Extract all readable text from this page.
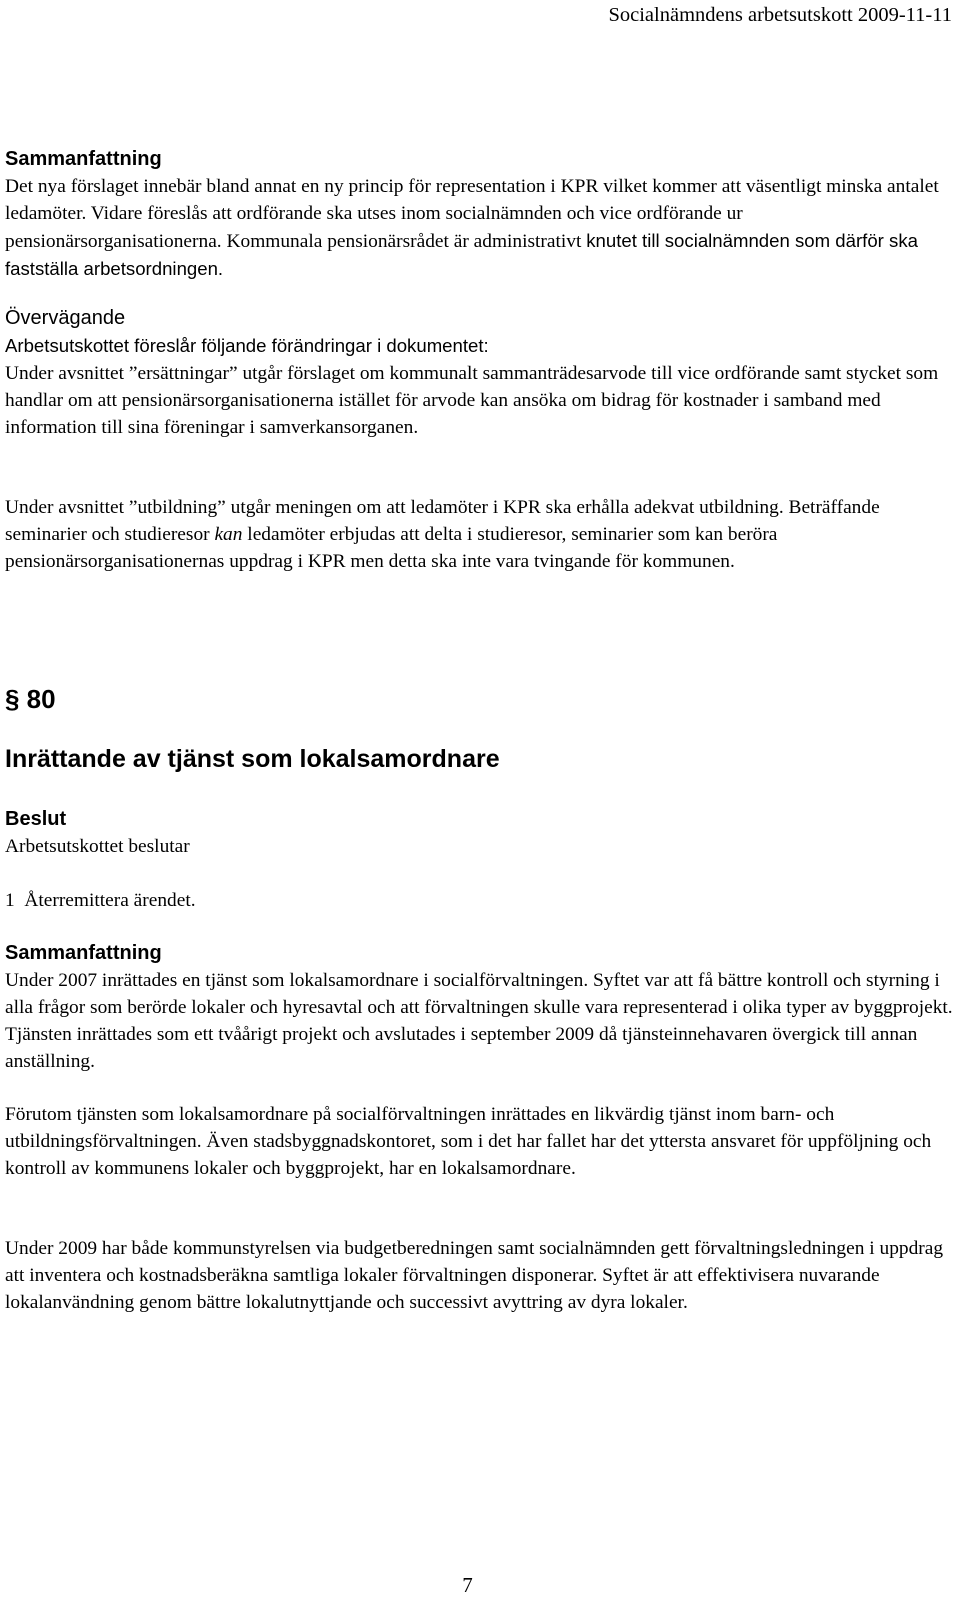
Socialnämndens arbetsutskott 2009-11-11

Sammanfattning

Det nya förslaget innebär bland annat en ny princip för representation i KPR vilket kommer att väsentligt minska antalet ledamöter. Vidare föreslås att ordförande ska utses inom socialnämnden och vice ordförande ur pensionärsorganisationerna. Kommunala pensionärsrådet är administrativt knutet till socialnämnden som därför ska fastställa arbetsordningen.

Övervägande

Arbetsutskottet föreslår följande förändringar i dokumentet:

Under avsnittet ”ersättningar” utgår förslaget om kommunalt sammanträdesarvode till vice ordförande samt stycket som handlar om att pensionärsorganisationerna istället för arvode kan ansöka om bidrag för kostnader i samband med information till sina föreningar i samverkansorganen.

Under avsnittet ”utbildning” utgår meningen om att ledamöter i KPR ska erhålla adekvat utbildning. Beträffande seminarier och studieresor kan ledamöter erbjudas att delta i studieresor, seminarier som kan beröra pensionärsorganisationernas uppdrag i KPR men detta ska inte vara tvingande för kommunen.

§ 80

Inrättande av tjänst som lokalsamordnare

Beslut

Arbetsutskottet beslutar

1  Återremittera ärendet.

Sammanfattning

Under 2007 inrättades en tjänst som lokalsamordnare i socialförvaltningen. Syftet var att få bättre kontroll och styrning i alla frågor som berörde lokaler och hyresavtal och att förvaltningen skulle vara representerad i olika typer av byggprojekt. Tjänsten inrättades som ett tvåårigt projekt och avslutades i september 2009 då tjänsteinnehavaren övergick till annan anställning.

Förutom tjänsten som lokalsamordnare på socialförvaltningen inrättades en likvärdig tjänst inom barn- och utbildningsförvaltningen. Även stadsbyggnadskontoret, som i det har fallet har det yttersta ansvaret för uppföljning och kontroll av kommunens lokaler och byggprojekt, har en lokalsamordnare.

Under 2009 har både kommunstyrelsen via budgetberedningen samt socialnämnden gett förvaltningsledningen i uppdrag att inventera och kostnadsberäkna samtliga lokaler förvaltningen disponerar. Syftet är att effektivisera nuvarande lokalanvändning genom bättre lokalutnyttjande och successivt avyttring av dyra lokaler.

7
